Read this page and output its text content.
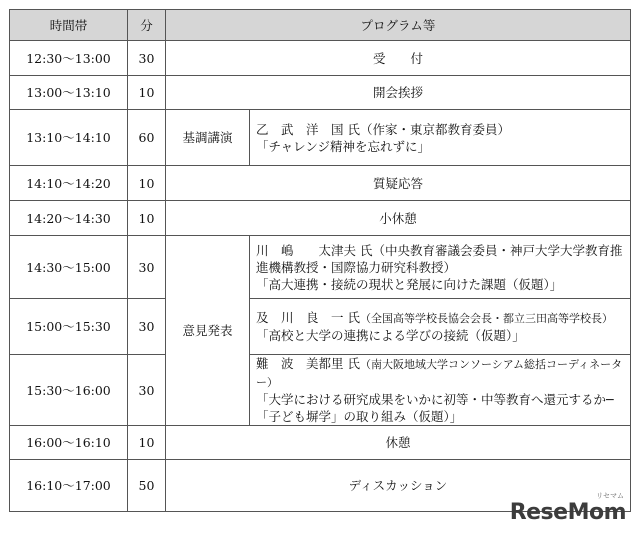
時間帯	分	プログラム等	
12:30～13:00	30	受　　付	
13:00～13:10	10	開会挨拶	
13:10～14:10	60	基調講演	乙　武　洋　国 氏（作家・東京都教育委員）
「チャレンジ精神を忘れずに」

14:10～14:20	10	質疑応答	
14:20～14:30	10	小休憩	
14:30～15:00	30	意見発表	川　嶋　　太津夫 氏（中央教育審議会委員・神戸大学大学教育推進機構教授・国際協力研究科教授）
「高大連携・接続の現状と発展に向けた課題（仮題）」

15:00～15:30	30		及　川　良　一 氏（全国高等学校長協会会長・都立三田高等学校長）
「高校と大学の連携による学びの接続（仮題）」

15:30～16:00	30		難　波　美都里 氏（南大阪地域大学コンソーシアム総括コーディネーター）
「大学における研究成果をいかに初等・中等教育へ還元するか─「子ども塀学」の取り組み（仮題）」

16:00～16:10	10	休憩	
16:10～17:00	50	ディスカッション	
リセマム
ReseMom
